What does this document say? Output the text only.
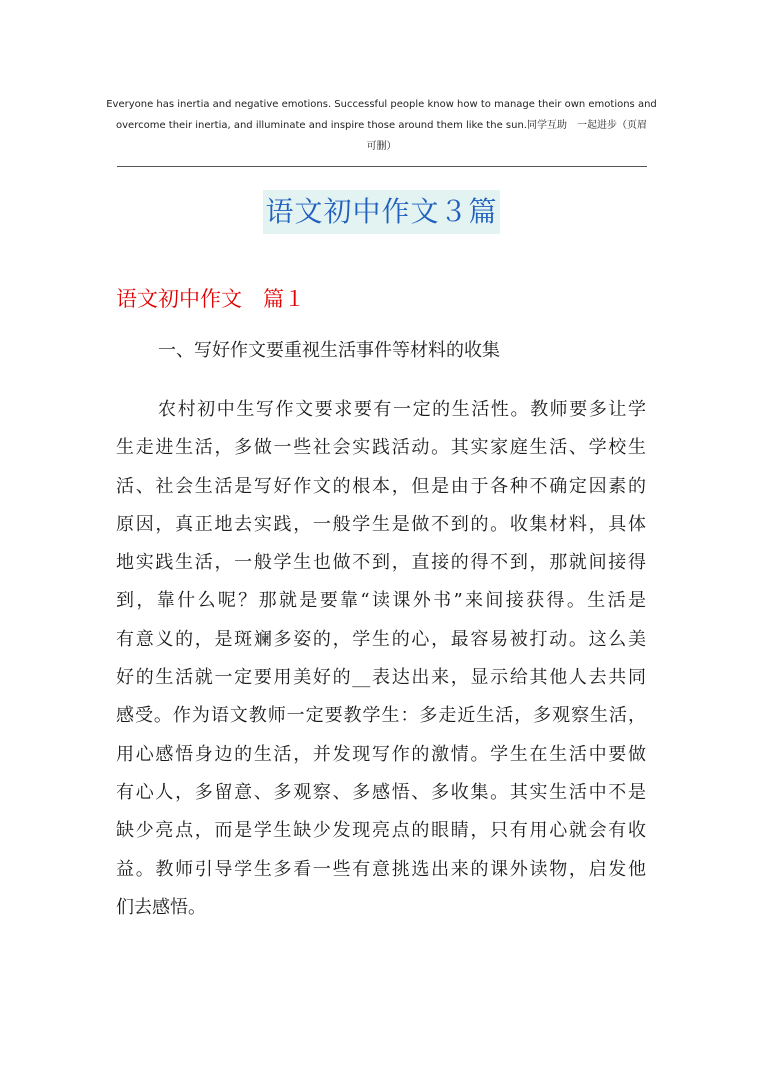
Everyone has inertia and negative emotions. Successful people know how to manage their own emotions and
overcome their inertia, and illuminate and inspire those around them like the sun.同学互助　一起进步（页眉
可删）
语文初中作文３篇
语文初中作文　篇１
一、写好作文要重视生活事件等材料的收集
农村初中生写作文要求要有一定的生活性。教师要多让学
生走进生活，多做一些社会实践活动。其实家庭生活、学校生
活、社会生活是写好作文的根本，但是由于各种不确定因素的
原因，真正地去实践，一般学生是做不到的。收集材料，具体
地实践生活，一般学生也做不到，直接的得不到，那就间接得
到，靠什么呢？那就是要靠“读课外书”来间接获得。生活是
有意义的，是斑斓多姿的，学生的心，最容易被打动。这么美
好的生活就一定要用美好的__表达出来，显示给其他人去共同
感受。作为语文教师一定要教学生：多走近生活，多观察生活，
用心感悟身边的生活，并发现写作的激情。学生在生活中要做
有心人，多留意、多观察、多感悟、多收集。其实生活中不是
缺少亮点，而是学生缺少发现亮点的眼睛，只有用心就会有收
益。教师引导学生多看一些有意挑选出来的课外读物，启发他
们去感悟。
